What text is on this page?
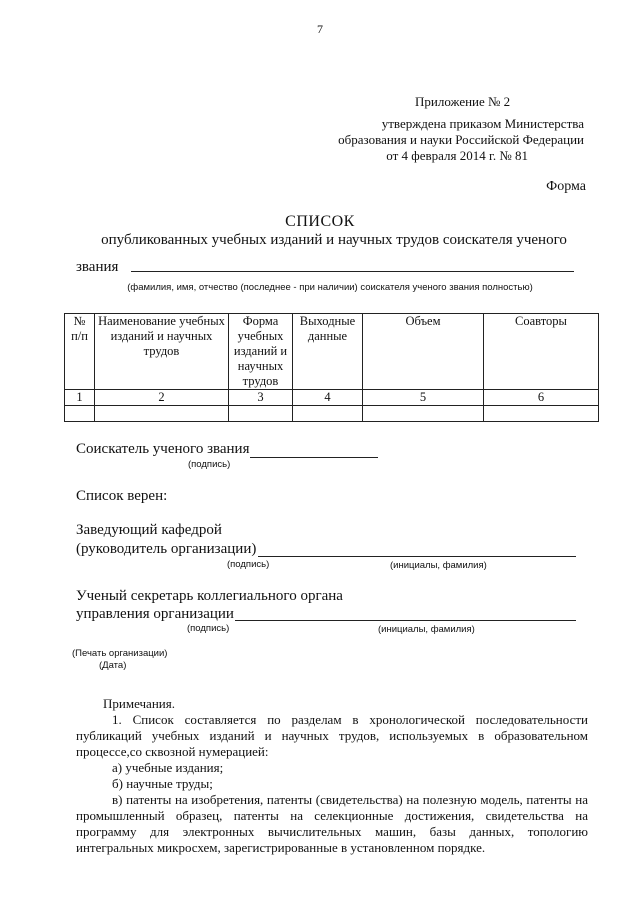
7
Приложение № 2
утверждена приказом Министерства
образования и науки Российской Федерации
от 4 февраля 2014 г. № 81
Форма
СПИСОК
опубликованных учебных изданий и научных трудов соискателя ученого
звания
(фамилия, имя, отчество (последнее - при наличии) соискателя ученого звания полностью)
№ п/п	Наименование учебных изданий и научных трудов	Форма учебных изданий и научных трудов	Выходные данные	Объем	Соавторы
1	2	3	4	5	6

Соискатель ученого звания
(подпись)
Список верен:
Заведующий кафедрой
(руководитель организации)
(подпись)	(инициалы, фамилия)
Ученый секретарь коллегиального органа
управления организации
(подпись)	(инициалы, фамилия)
(Печать организации)
(Дата)
Примечания.

1. Список составляется по разделам в хронологической последовательности публикаций учебных изданий и научных трудов, используемых в образовательном процессе,со сквозной нумерацией:

а) учебные издания;

б) научные труды;

в) патенты на изобретения, патенты (свидетельства) на полезную модель, патенты на промышленный образец, патенты на селекционные достижения, свидетельства на программу для электронных вычислительных машин, базы данных, топологию интегральных микросхем, зарегистрированные в установленном порядке.
